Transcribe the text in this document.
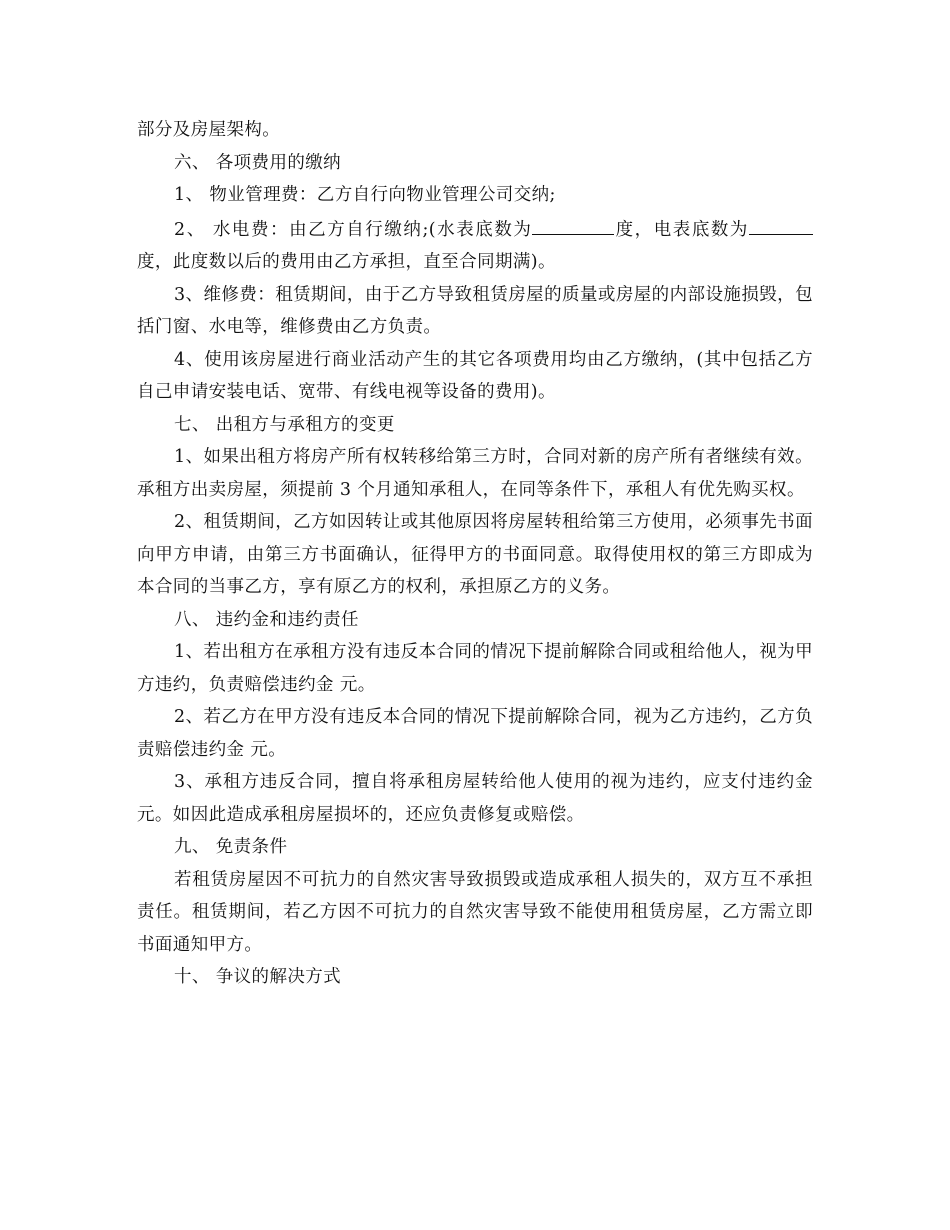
部分及房屋架构。

六、 各项费用的缴纳

1、 物业管理费：乙方自行向物业管理公司交纳;

2、 水电费：由乙方自行缴纳;(水表底数为	度，电表底数为度，此度数以后的费用由乙方承担，直至合同期满)。

3、维修费：租赁期间，由于乙方导致租赁房屋的质量或房屋的内部设施损毁，包括门窗、水电等，维修费由乙方负责。

4、使用该房屋进行商业活动产生的其它各项费用均由乙方缴纳，(其中包括乙方自己申请安装电话、宽带、有线电视等设备的费用)。

七、 出租方与承租方的变更

1、如果出租方将房产所有权转移给第三方时，合同对新的房产所有者继续有效。承租方出卖房屋，须提前 3 个月通知承租人，在同等条件下，承租人有优先购买权。

2、租赁期间，乙方如因转让或其他原因将房屋转租给第三方使用，必须事先书面向甲方申请，由第三方书面确认，征得甲方的书面同意。取得使用权的第三方即成为本合同的当事乙方，享有原乙方的权利，承担原乙方的义务。

八、 违约金和违约责任

1、若出租方在承租方没有违反本合同的情况下提前解除合同或租给他人，视为甲方违约，负责赔偿违约金 元。

2、若乙方在甲方没有违反本合同的情况下提前解除合同，视为乙方违约，乙方负责赔偿违约金 元。

3、承租方违反合同，擅自将承租房屋转给他人使用的视为违约，应支付违约金 元。如因此造成承租房屋损坏的，还应负责修复或赔偿。

九、 免责条件

若租赁房屋因不可抗力的自然灾害导致损毁或造成承租人损失的，双方互不承担责任。租赁期间，若乙方因不可抗力的自然灾害导致不能使用租赁房屋，乙方需立即书面通知甲方。

十、 争议的解决方式
